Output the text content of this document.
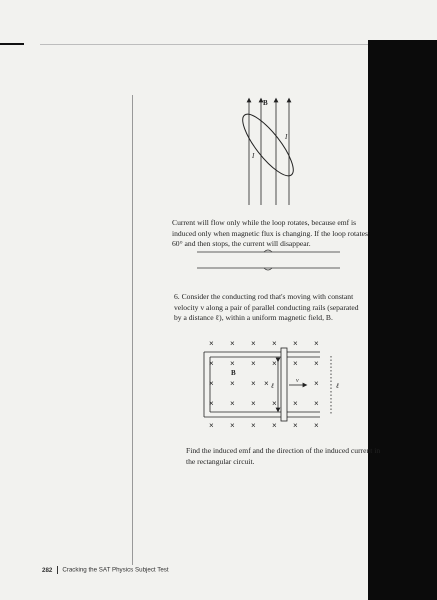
B
I
I

Current will flow only while the loop rotates, because emf is induced only when magnetic flux is changing. If the loop rotates 60° and then stops, the current will disappear.

6. Consider the conducting rod that's moving with constant velocity v along a pair of parallel conducting rails (separated by a distance ℓ), within a uniform magnetic field, B.

× × × × × ×
× × × × × ×
× × × ×	×
× × × × × ×
× × × × × ×
B
ℓ
v
ℓ

Find the induced emf and the direction of the induced current in the rectangular circuit.

282 Cracking the SAT Physics Subject Test
